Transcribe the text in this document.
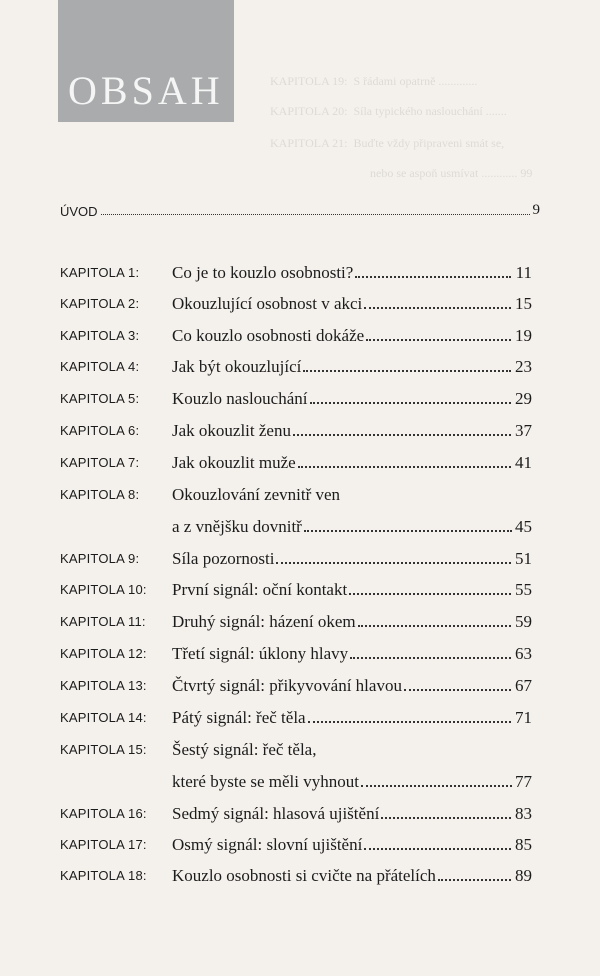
KAPITOLA 19:  S řádami opatrně .............
KAPITOLA 20:  Síla typického naslouchání .......
KAPITOLA 21:  Buďte vždy připraveni smát se,
nebo se aspoň usmívat ............ 99
OBSAH
ÚVOD	9
KAPITOLA 1: Co je to kouzlo osobnosti?	11
KAPITOLA 2: Okouzlující osobnost v akci	15
KAPITOLA 3: Co kouzlo osobnosti dokáže	19
KAPITOLA 4: Jak být okouzlující	23
KAPITOLA 5: Kouzlo naslouchání	29
KAPITOLA 6: Jak okouzlit ženu	37
KAPITOLA 7: Jak okouzlit muže	41
KAPITOLA 8: Okouzlování zevnitř ven
a z vnějšku dovnitř	45
KAPITOLA 9: Síla pozornosti	51
KAPITOLA 10: První signál: oční kontakt	55
KAPITOLA 11: Druhý signál: házení okem	59
KAPITOLA 12: Třetí signál: úklony hlavy	63
KAPITOLA 13: Čtvrtý signál: přikyvování hlavou	67
KAPITOLA 14: Pátý signál: řeč těla	71
KAPITOLA 15: Šestý signál: řeč těla,
které byste se měli vyhnout	77
KAPITOLA 16: Sedmý signál: hlasová ujištění	83
KAPITOLA 17: Osmý signál: slovní ujištění	85
KAPITOLA 18: Kouzlo osobnosti si cvičte na přátelích	89
